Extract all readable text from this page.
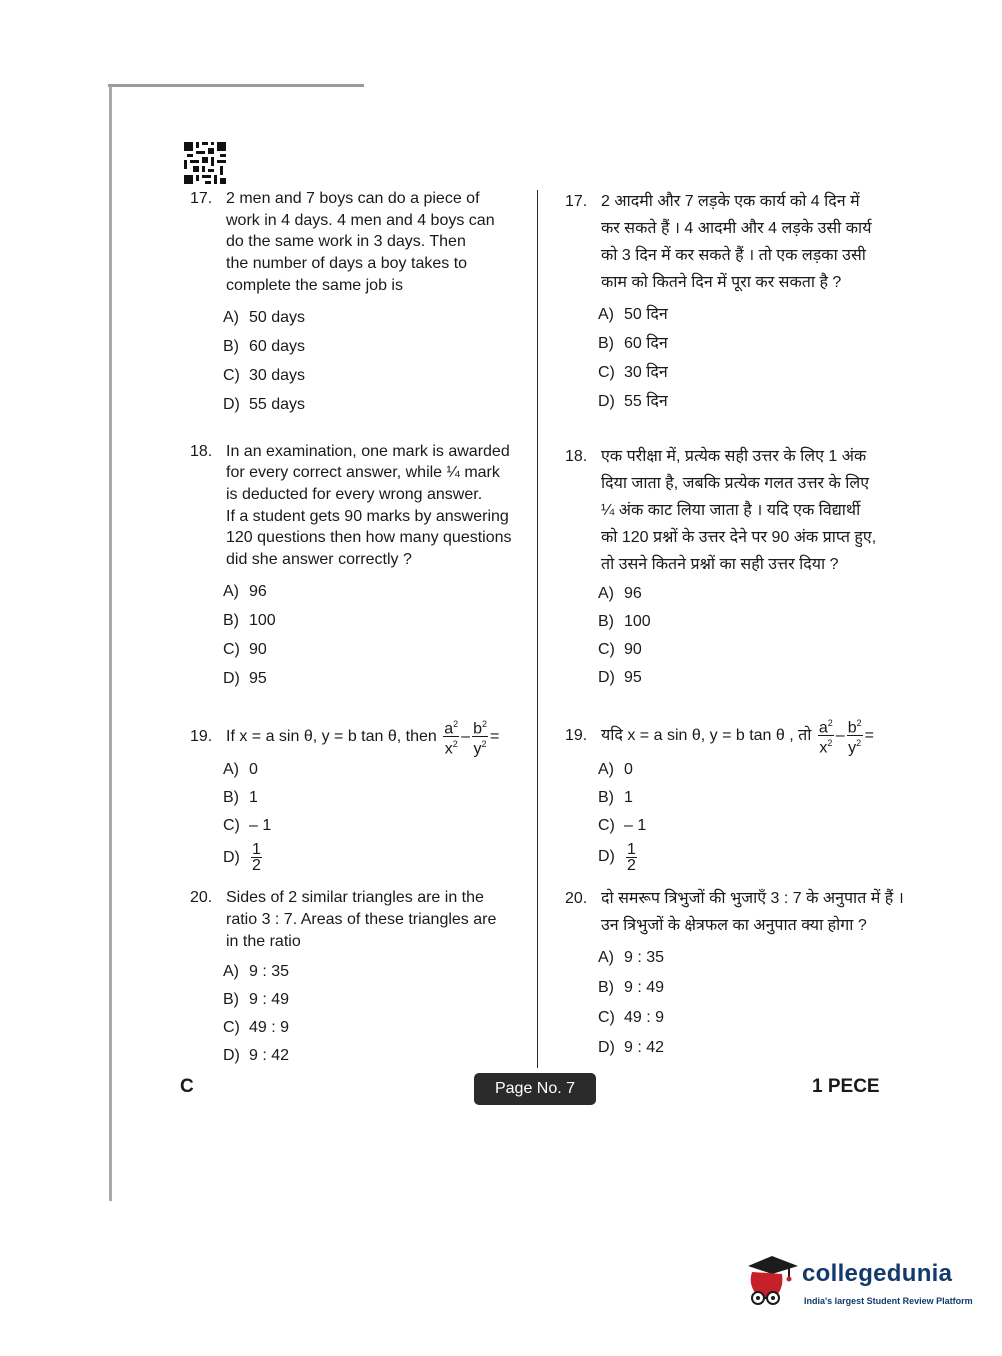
17. 2 men and 7 boys can do a piece of
work in 4 days. 4 men and 4 boys can
do the same work in 3 days. Then
the number of days a boy takes to
complete the same job is
A) 50 days
B) 60 days
C) 30 days
D) 55 days
18. In an examination, one mark is awarded
for every correct answer, while ¼ mark
is deducted for every wrong answer.
If a student gets 90 marks by answering
120 questions then how many questions
did she answer correctly ?
A) 96
B) 100
C) 90
D) 95
19. If x = a sin θ, y = b tan θ, then
$\frac{a^2}{x^2} - \frac{b^2}{y^2}$ =
A) 0
B) 1
C) – 1
$D) \frac{1}{2}$
20. Sides of 2 similar triangles are in the
ratio 3 : 7. Areas of these triangles are
in the ratio
A) 9 : 35
B) 9 : 49
C) 49 : 9
D) 9 : 42
17. 2 आदमी और 7 लड़के एक कार्य को 4 दिन में
कर सकते हैं । 4 आदमी और 4 लड़के उसी कार्य
को 3 दिन में कर सकते हैं । तो एक लड़का उसी
काम को कितने दिन में पूरा कर सकता है ?
A) 50 दिन
B) 60 दिन
C) 30 दिन
D) 55 दिन
18. एक परीक्षा में, प्रत्येक सही उत्तर के लिए 1 अंक
दिया जाता है, जबकि प्रत्येक गलत उत्तर के लिए
¼ अंक काट लिया जाता है । यदि एक विद्यार्थी
को 120 प्रश्नों के उत्तर देने पर 90 अंक प्राप्त हुए,
तो उसने कितने प्रश्नों का सही उत्तर दिया ?
A) 96
B) 100
C) 90
D) 95
19. यदि x = a sin θ, y = b tan θ , तो
$\frac{a^2}{x^2} - \frac{b^2}{y^2}$ =
A) 0
B) 1
C) – 1
$D) \frac{1}{2}$
20. दो समरूप त्रिभुजों की भुजाएँ 3 : 7 के अनुपात में हैं ।
उन त्रिभुजों के क्षेत्रफल का अनुपात क्या होगा ?
A) 9 : 35
B) 9 : 49
C) 49 : 9
D) 9 : 42
C	Page No. 7	1 PECE
collegedunia
India's largest Student Review Platform
